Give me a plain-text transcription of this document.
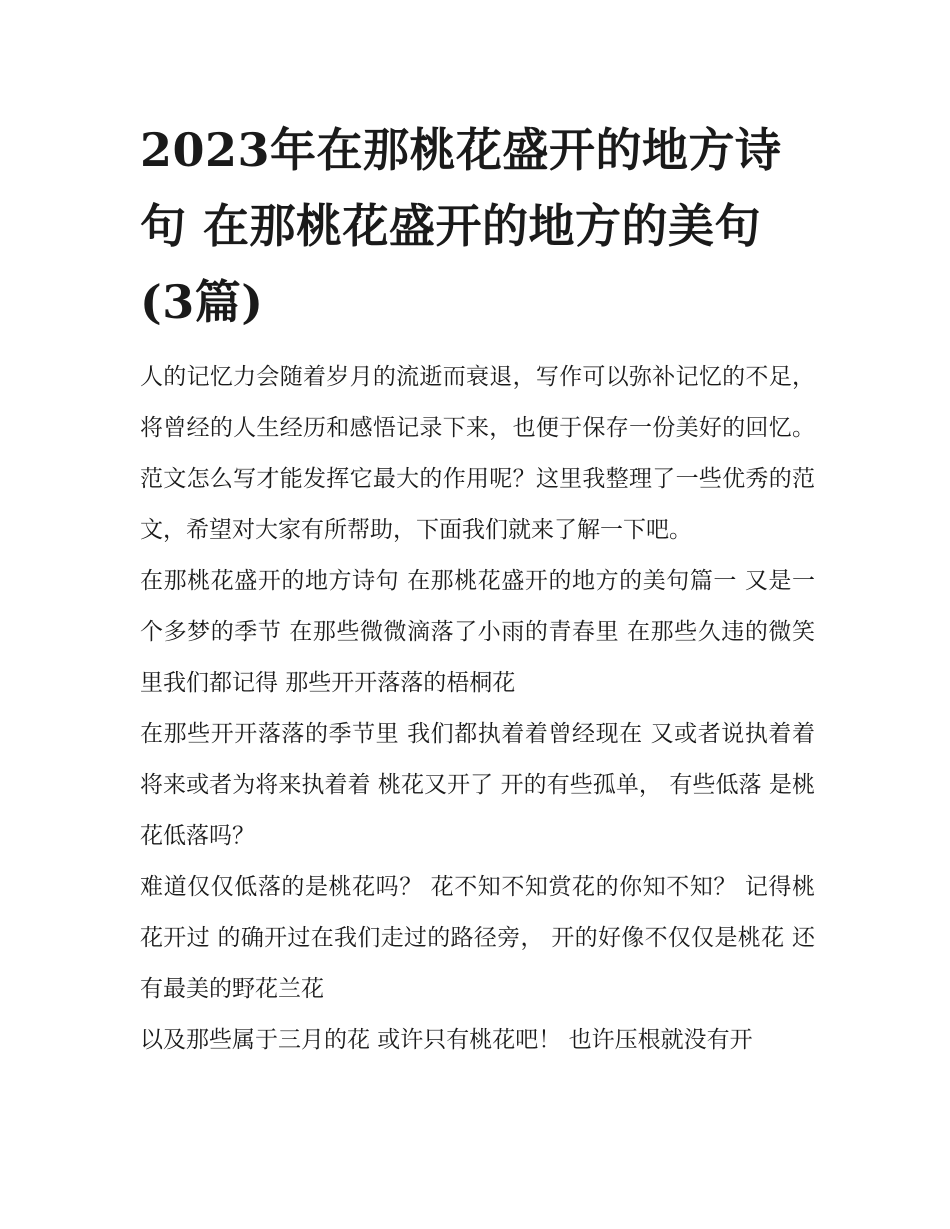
2023年在那桃花盛开的地方诗句 在那桃花盛开的地方的美句(3篇)

人的记忆力会随着岁月的流逝而衰退，写作可以弥补记忆的不足，将曾经的人生经历和感悟记录下来，也便于保存一份美好的回忆。范文怎么写才能发挥它最大的作用呢？这里我整理了一些优秀的范文，希望对大家有所帮助，下面我们就来了解一下吧。

在那桃花盛开的地方诗句 在那桃花盛开的地方的美句篇一 又是一个多梦的季节 在那些微微滴落了小雨的青春里 在那些久违的微笑里我们都记得 那些开开落落的梧桐花

在那些开开落落的季节里 我们都执着着曾经现在 又或者说执着着将来或者为将来执着着 桃花又开了 开的有些孤单， 有些低落 是桃花低落吗？

难道仅仅低落的是桃花吗？ 花不知不知赏花的你知不知？ 记得桃花开过 的确开过在我们走过的路径旁， 开的好像不仅仅是桃花 还有最美的野花兰花

以及那些属于三月的花 或许只有桃花吧！ 也许压根就没有开
